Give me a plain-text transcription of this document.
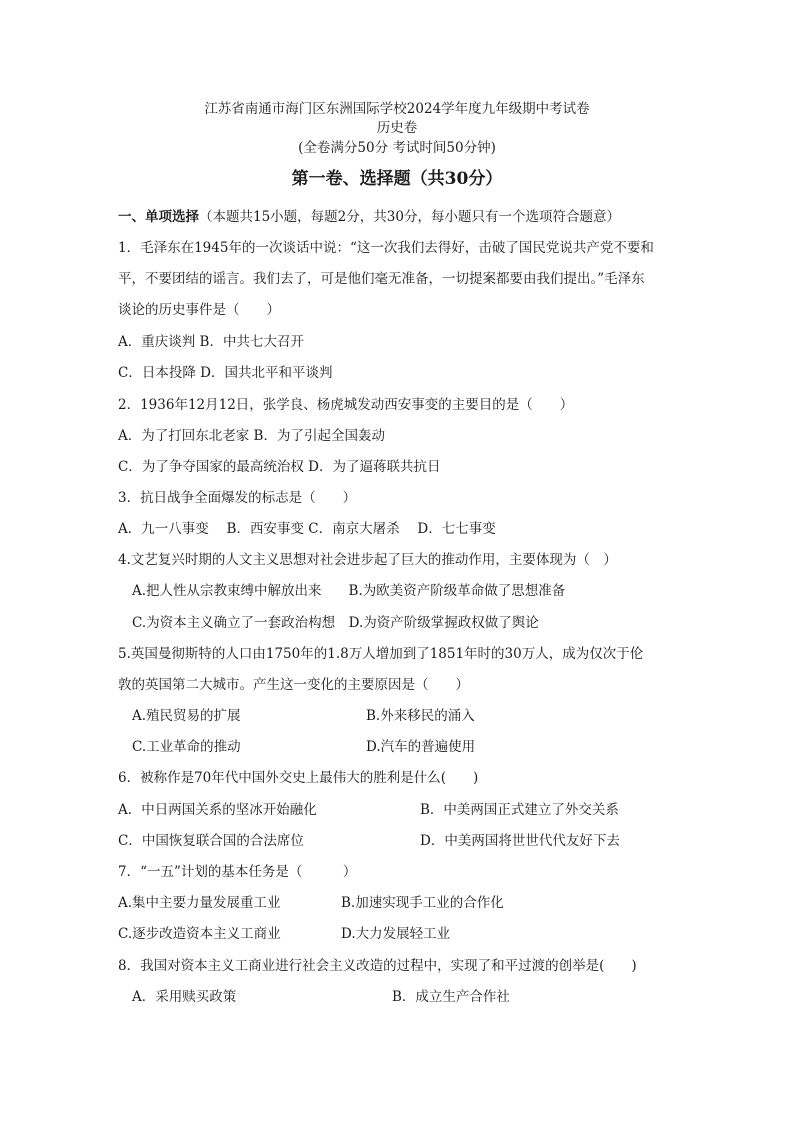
江苏省南通市海门区东洲国际学校2024学年度九年级期中考试卷
历史卷
(全卷满分50分 考试时间50分钟)
第一卷、选择题（共30分）
一、单项选择（本题共15小题，每题2分，共30分，每小题只有一个选项符合题意）
1．毛泽东在1945年的一次谈话中说：“这一次我们去得好，击破了国民党说共产党不要和
平，不要团结的谣言。我们去了，可是他们毫无准备，一切提案都要由我们提出。”毛泽东
谈论的历史事件是（　　）
A．重庆谈判 B．中共七大召开
C．日本投降 D．国共北平和平谈判
2．1936年12月12日，张学良、杨虎城发动西安事变的主要目的是（　　）
A．为了打回东北老家 B．为了引起全国轰动
C．为了争夺国家的最高统治权 D．为了逼蒋联共抗日
3．抗日战争全面爆发的标志是（　　）
A．九一八事变　 B．西安事变 C．南京大屠杀　 D．七七事变
4.文艺复兴时期的人文主义思想对社会进步起了巨大的推动作用，主要体现为（　）
A.把人性从宗教束缚中解放出来　　B.为欧美资产阶级革命做了思想准备
C.为资本主义确立了一套政治构想　D.为资产阶级掌握政权做了舆论
5.英国曼彻斯特的人口由1750年的1.8万人增加到了1851年时的30万人，成为仅次于伦
敦的英国第二大城市。产生这一变化的主要原因是（　　）
A.殖民贸易的扩展	B.外来移民的涌入
C.工业革命的推动	D.汽车的普遍使用
6．被称作是70年代中国外交史上最伟大的胜利是什么(　　)
A．中日两国关系的坚冰开始融化	B．中美两国正式建立了外交关系
C．中国恢复联合国的合法席位	D．中美两国将世世代代友好下去
7．“一五”计划的基本任务是（　　　）
A.集中主要力量发展重工业	B.加速实现手工业的合作化
C.逐步改造资本主义工商业	D.大力发展轻工业
8．我国对资本主义工商业进行社会主义改造的过程中，实现了和平过渡的创举是(　　)
A．采用赎买政策	B．成立生产合作社
